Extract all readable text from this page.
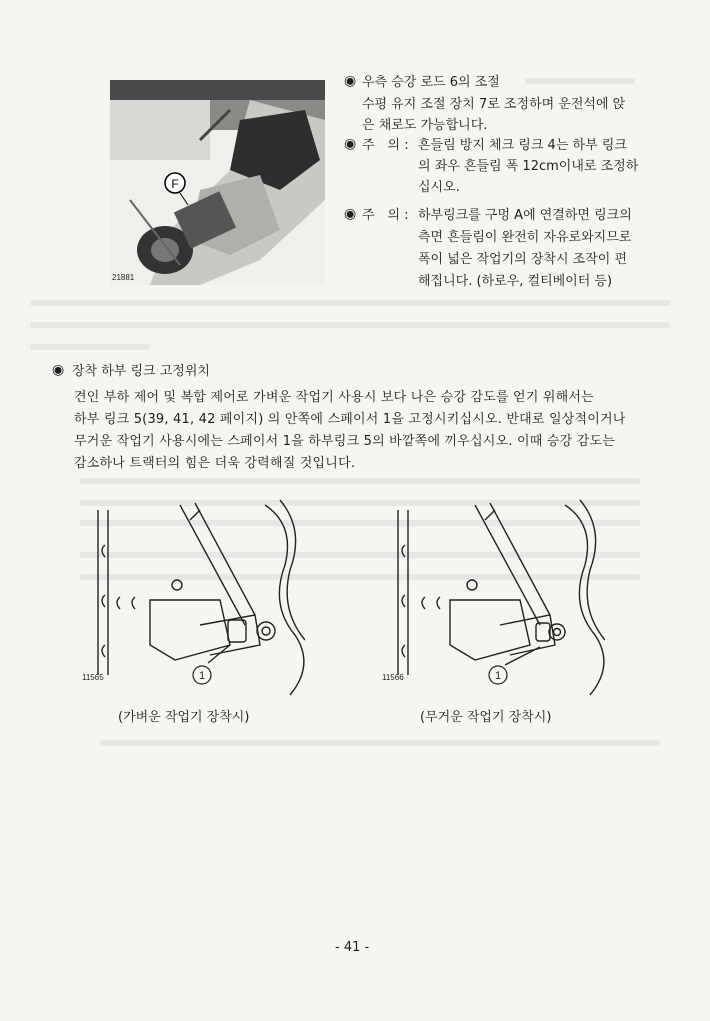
F
21881
◉ 우측 승강 로드 6의 조절
수평 유지 조절 장치 7로 조정하며 운전석에 앉
은 채로도 가능합니다.
◉ 주　의 : 흔들림 방지 체크 링크 4는 하부 링크
의 좌우 흔들림 폭 12cm이내로 조정하
십시오.
◉ 주　의 : 하부링크를 구멍 A에 연결하면 링크의
측면 흔들림이 완전히 자유로와지므로
폭이 넓은 작업기의 장착시 조작이 편
해집니다. (하로우, 컬티베이터 등)
◉ 장착 하부 링크 고정위치
견인 부하 제어 및 복합 제어로 가벼운 작업기 사용시 보다 나은 승강 감도를 얻기 위해서는
하부 링크 5(39, 41, 42 페이지) 의 안쪽에 스페이서 1을 고정시키십시오. 반대로 일상적이거나
무거운 작업기 사용시에는 스페이서 1을 하부링크 5의 바깥쪽에 끼우십시오. 이때 승강 감도는
감소하나 트랙터의 힘은 더욱 강력해질 것입니다.
1
11565
(가벼운 작업기 장착시)
1
11566
(무거운 작업기 장착시)
- 41 -
